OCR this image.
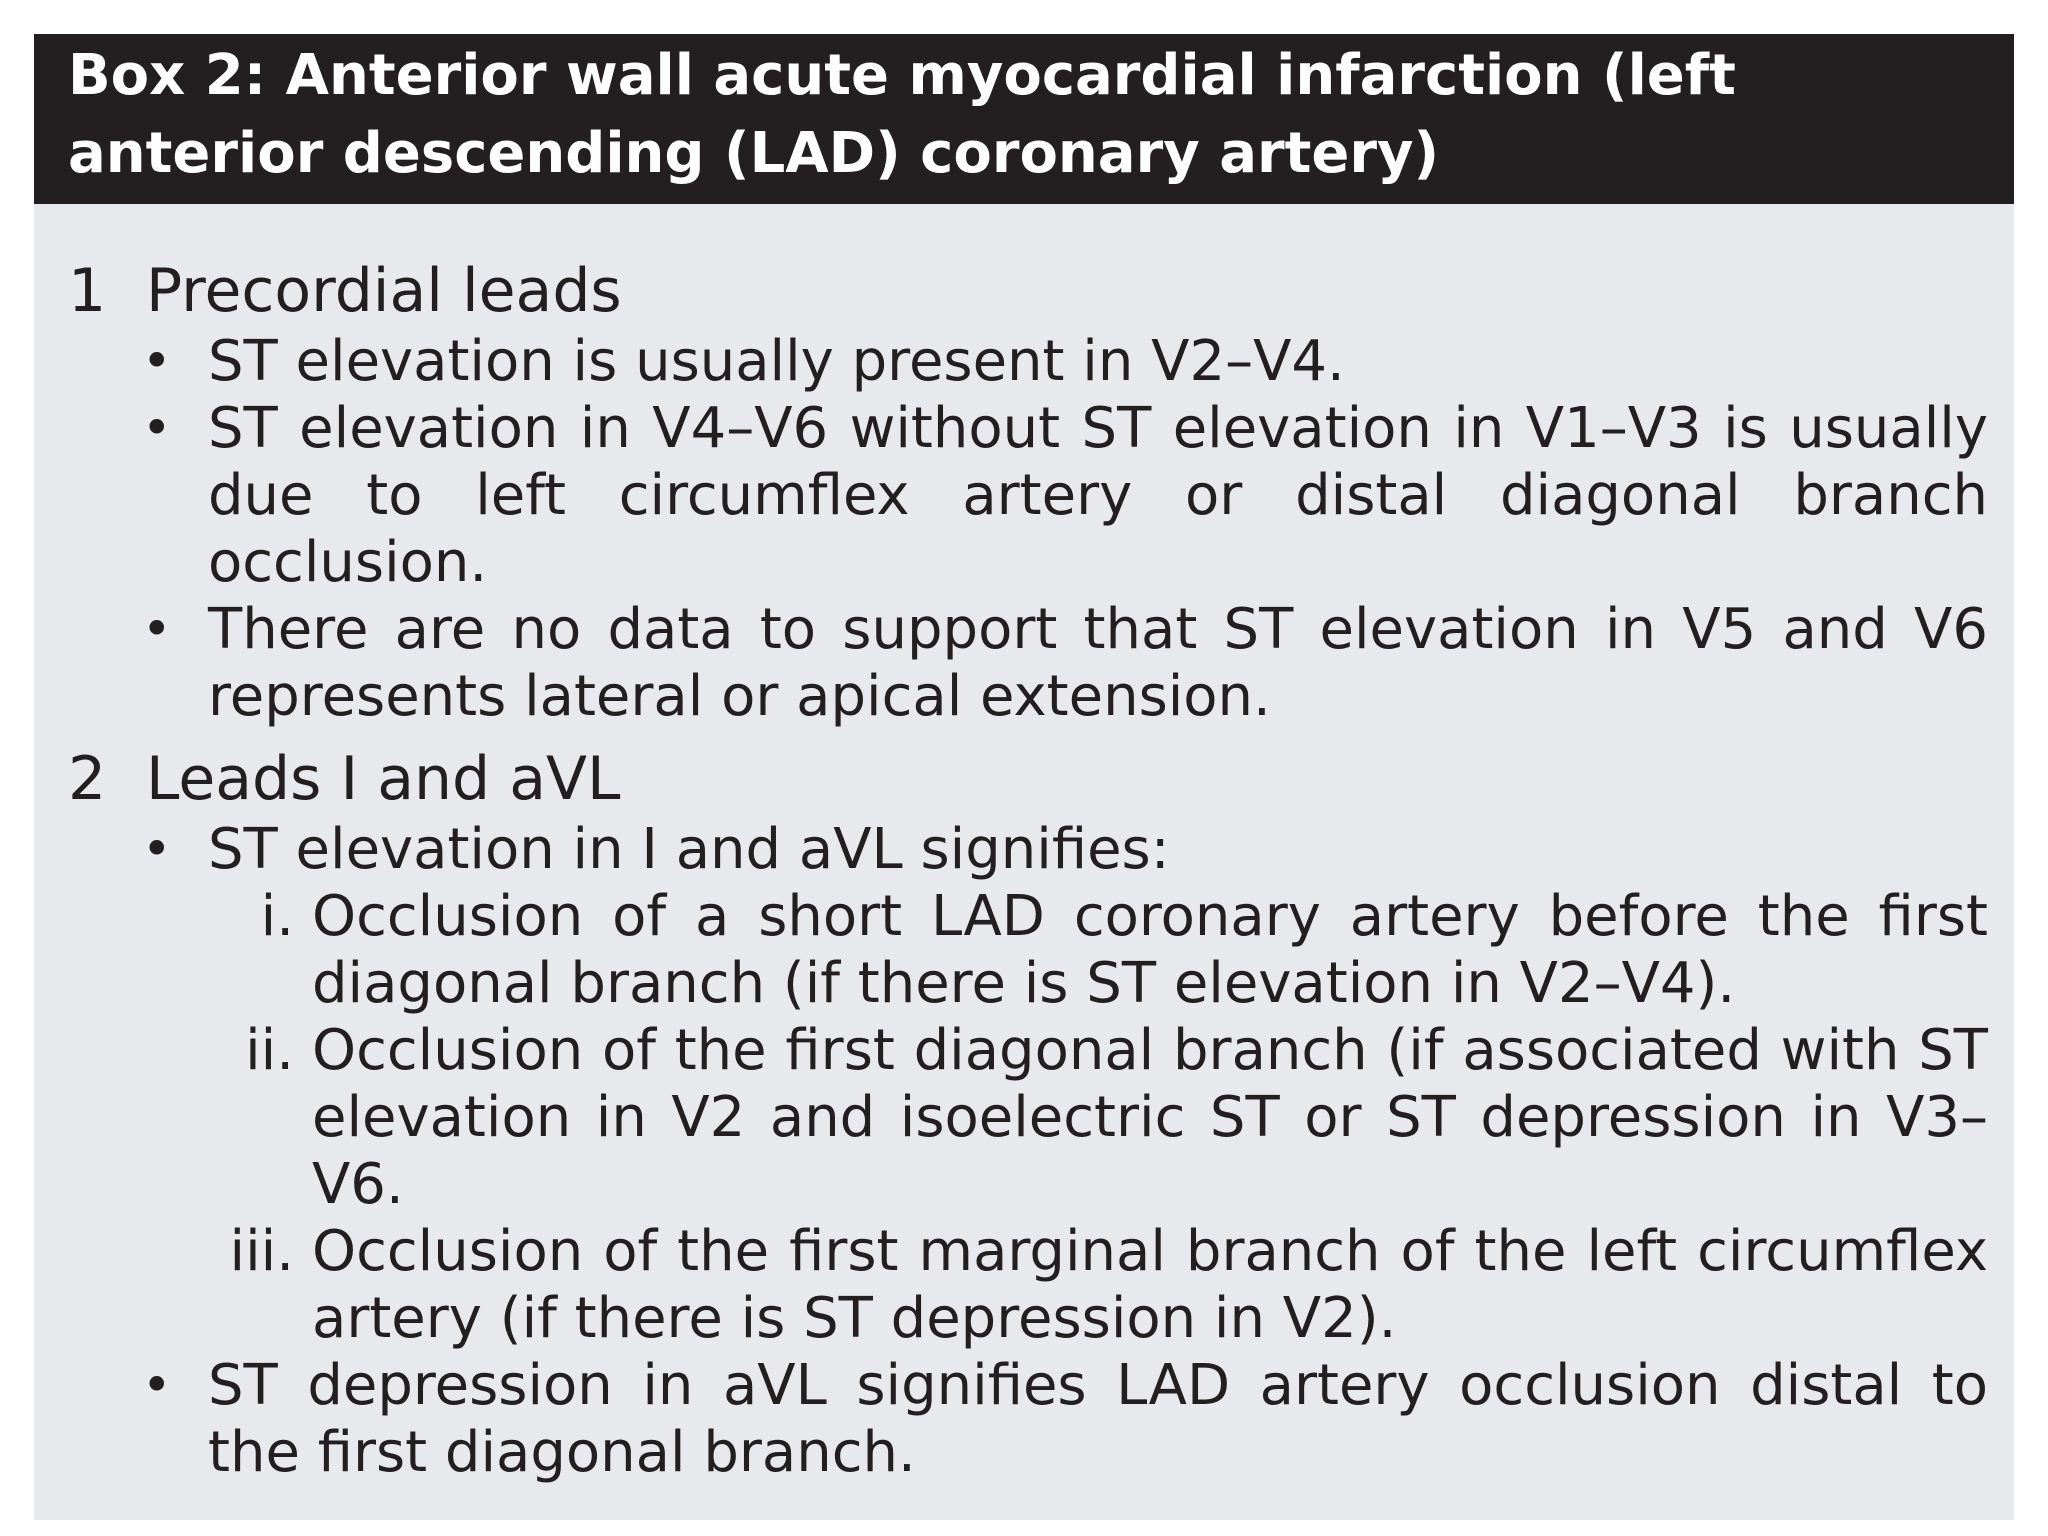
Box 2: Anterior wall acute myocardial infarction (left anterior descending (LAD) coronary artery)
1 Precordial leads
• ST elevation is usually present in V2–V4.
• ST elevation in V4–V6 without ST elevation in V1–V3 is usually due to left circumflex artery or distal diagonal branch occlusion.
• There are no data to support that ST elevation in V5 and V6 represents lateral or apical extension.
2 Leads I and aVL
• ST elevation in I and aVL signifies:
i. Occlusion of a short LAD coronary artery before the first diagonal branch (if there is ST elevation in V2–V4).
ii. Occlusion of the first diagonal branch (if associated with ST elevation in V2 and isoelectric ST or ST depression in V3–V6.
iii. Occlusion of the first marginal branch of the left circumflex artery (if there is ST depression in V2).
• ST depression in aVL signifies LAD artery occlusion distal to the first diagonal branch.
